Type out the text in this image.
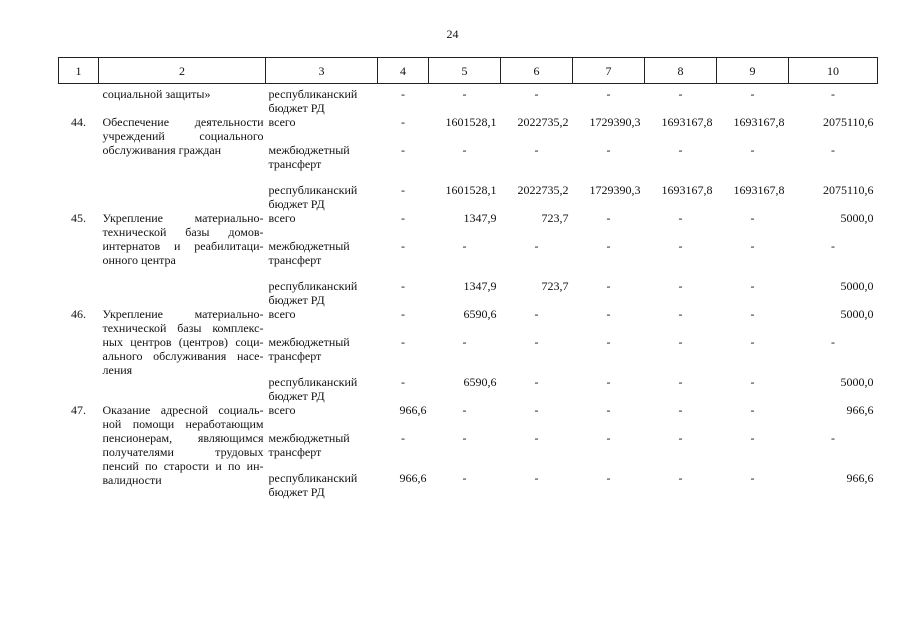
24
1	2	3	4	5	6	7	8	9	10
	социальной защиты»	республиканский бюджет РД	-	-	-	-	-	-	-
44.	Обеспечение деятельности учреждений социального обслуживания граждан	всего	-	1601528,1	2022735,2	1729390,3	1693167,8	1693167,8	2075110,6
		межбюджетный трансферт	-	-	-	-	-	-	-
		республиканский бюджет РД	-	1601528,1	2022735,2	1729390,3	1693167,8	1693167,8	2075110,6
45.	Укрепление материально-технической базы домов-интернатов и реабилитаци-онного центра	всего	-	1347,9	723,7	-	-	-	5000,0
		межбюджетный трансферт	-	-	-	-	-	-	-
		республиканский бюджет РД	-	1347,9	723,7	-	-	-	5000,0
46.	Укрепление материально-технической базы комплекс-ных центров (центров) соци-ального обслуживания насе-ления	всего	-	6590,6	-	-	-	-	5000,0
		межбюджетный трансферт	-	-	-	-	-	-	-
		республиканский бюджет РД	-	6590,6	-	-	-	-	5000,0
47.	Оказание адресной социаль-ной помощи неработающим пенсионерам, являющимся получателями трудовых пенсий по старости и по ин-валидности	всего	966,6	-	-	-	-	-	966,6
		межбюджетный трансферт	-	-	-	-	-	-	-
		республиканский бюджет РД	966,6	-	-	-	-	-	966,6
